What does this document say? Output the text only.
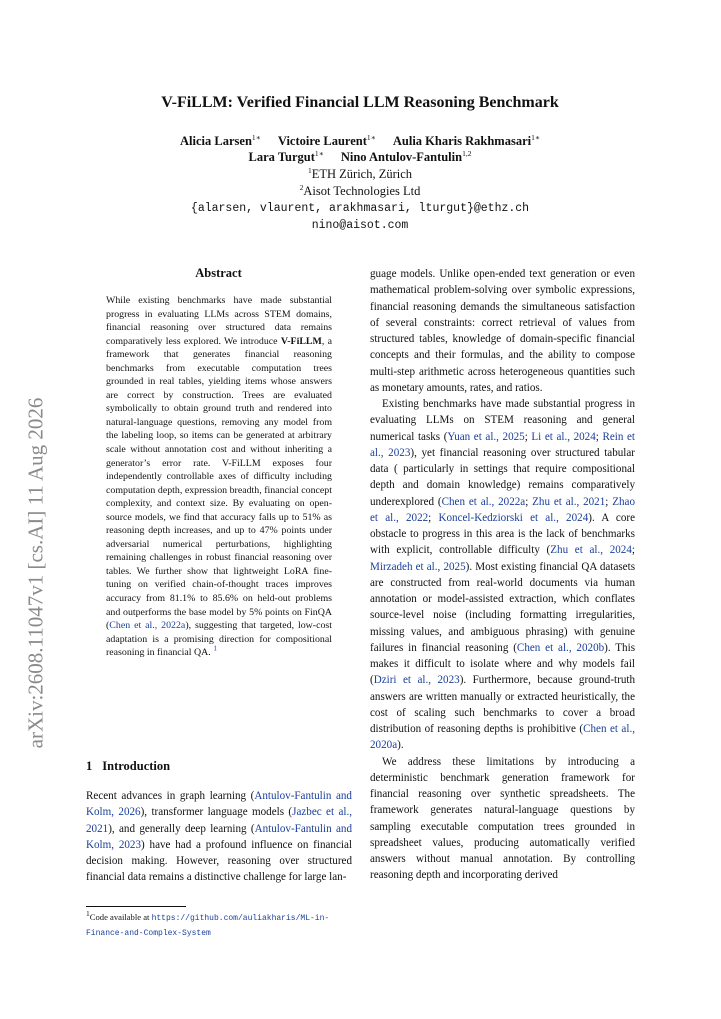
arXiv:2608.11047v1 [cs.AI] 11 Aug 2026
V-FiLLM: Verified Financial LLM Reasoning Benchmark
Alicia Larsen$^{1∗}$ Victoire Laurent$^{1∗}$ Aulia Kharis Rakhmasari$^{1∗}$
Lara Turgut$^{1∗}$ Nino Antulov-Fantulin$^{1,2}$
$^1$ETH Zürich, Zürich
$^2$Aisot Technologies Ltd
{alarsen, vlaurent, arakhmasari, lturgut}@ethz.ch
nino@aisot.com
Abstract
While existing benchmarks have made substantial progress in evaluating LLMs across STEM domains, financial reasoning over structured data remains comparatively less explored. We introduce V-FiLLM, a framework that generates financial reasoning benchmarks from executable computation trees grounded in real tables, yielding items whose answers are correct by construction. Trees are evaluated symbolically to obtain ground truth and rendered into natural-language questions, removing any model from the labeling loop, so items can be generated at arbitrary scale without annotation cost and without inheriting a generator’s error rate. V-FiLLM exposes four independently controllable axes of difficulty including computation depth, expression breadth, financial concept complexity, and context size. By evaluating on open-source models, we find that accuracy falls up to 51% as reasoning depth increases, and up to 47% points under adversarial numerical perturbations, highlighting remaining challenges in robust financial reasoning over tables. We further show that lightweight LoRA fine-tuning on verified chain-of-thought traces improves accuracy from 81.1% to 85.6% on held-out problems and outperforms the base model by 5% points on FinQA (Chen et al., 2022a), suggesting that targeted, low-cost adaptation is a promising direction for compositional reasoning in financial QA. $^1$
1 Introduction
Recent advances in graph learning (Antulov-Fantulin and Kolm, 2026), transformer language models (Jazbec et al., 2021), and generally deep learning (Antulov-Fantulin and Kolm, 2023) have had a profound influence on financial decision making. However, reasoning over structured financial data remains a distinctive challenge for large lan-
$^1$Code available at https://github.com/auliakharis/ML-in-Finance-and-Complex-System

guage models. Unlike open-ended text generation or even mathematical problem-solving over symbolic expressions, financial reasoning demands the simultaneous satisfaction of several constraints: correct retrieval of values from structured tables, knowledge of domain-specific financial concepts and their formulas, and the ability to compose multi-step arithmetic across heterogeneous quantities such as monetary amounts, rates, and ratios.

Existing benchmarks have made substantial progress in evaluating LLMs on STEM reasoning and general numerical tasks (Yuan et al., 2025; Li et al., 2024; Rein et al., 2023), yet financial reasoning over structured tabular data ( particularly in settings that require compositional depth and domain knowledge) remains comparatively underexplored (Chen et al., 2022a; Zhu et al., 2021; Zhao et al., 2022; Koncel-Kedziorski et al., 2024). A core obstacle to progress in this area is the lack of benchmarks with explicit, controllable difficulty (Zhu et al., 2024; Mirzadeh et al., 2025). Most existing financial QA datasets are constructed from real-world documents via human annotation or model-assisted extraction, which conflates source-level noise (including formatting irregularities, missing values, and ambiguous phrasing) with genuine failures in financial reasoning (Chen et al., 2020b). This makes it difficult to isolate where and why models fail (Dziri et al., 2023). Furthermore, because ground-truth answers are written manually or extracted heuristically, the cost of scaling such benchmarks to cover a broad distribution of reasoning depths is prohibitive (Chen et al., 2020a).

We address these limitations by introducing a deterministic benchmark generation framework for financial reasoning over synthetic spreadsheets. The framework generates natural-language questions by sampling executable computation trees grounded in spreadsheet values, producing automatically verified answers without manual annotation. By controlling reasoning depth and incorporating derived
